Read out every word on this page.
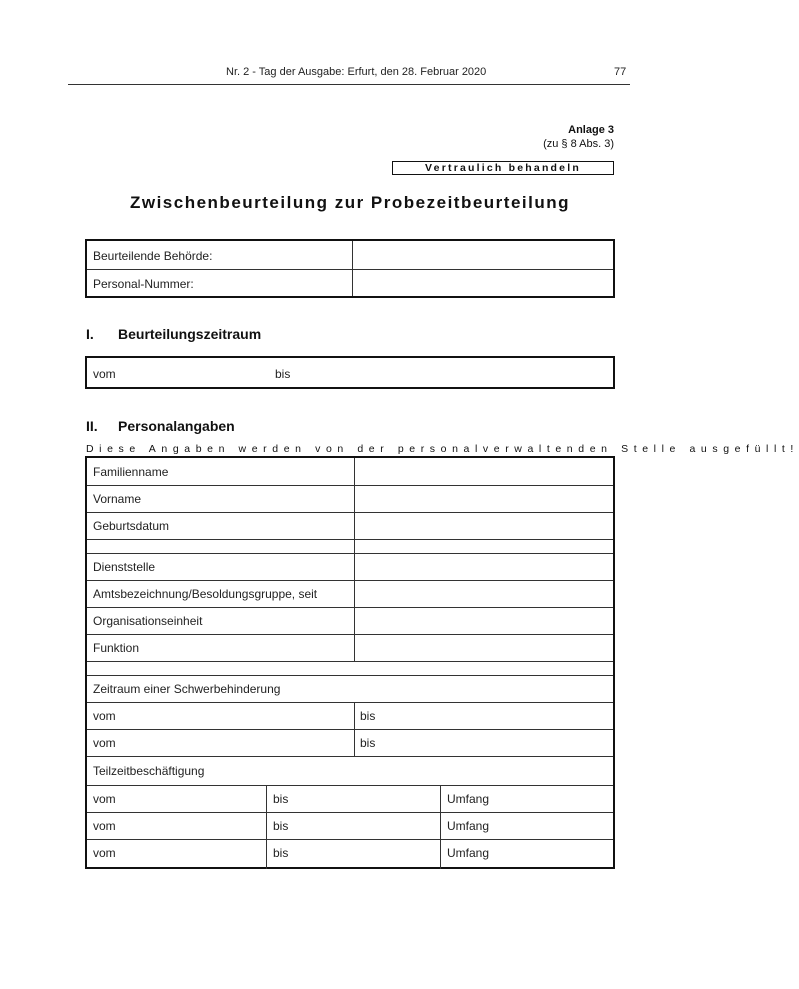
Nr. 2 - Tag der Ausgabe: Erfurt, den 28. Februar 2020	77
Anlage 3
(zu § 8 Abs. 3)
Vertraulich behandeln
Zwischenbeurteilung zur Probezeitbeurteilung
Beurteilende Behörde:
Personal-Nummer:
I. Beurteilungszeitraum
vom	bis
II. Personalangaben
Diese Angaben werden von der personalverwaltenden Stelle ausgefüllt!
Familienname
Vorname
Geburtsdatum
Dienststelle
Amtsbezeichnung/Besoldungsgruppe, seit
Organisationseinheit
Funktion
Zeitraum einer Schwerbehinderung
vom	bis
vom	bis
Teilzeitbeschäftigung
vom	bis	Umfang
vom	bis	Umfang
vom	bis	Umfang
